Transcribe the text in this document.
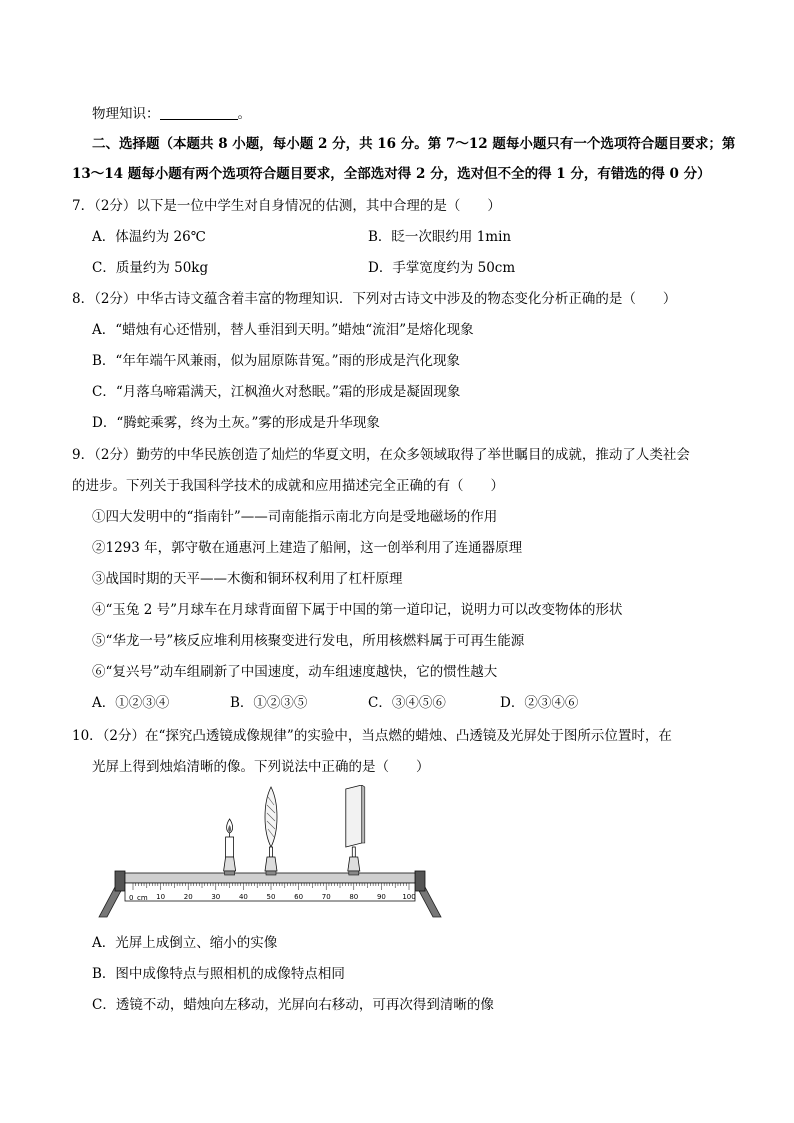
物理知识：	。
二、选择题（本题共 8 小题，每小题 2 分，共 16 分。第 7～12 题每小题只有一个选项符合题目要求；第
13～14 题每小题有两个选项符合题目要求，全部选对得 2 分，选对但不全的得 1 分，有错选的得 0 分）
7．（2分）以下是一位中学生对自身情况的估测，其中合理的是（　　）
A．体温约为 26℃	B．眨一次眼约用 1min
C．质量约为 50kg	D．手掌宽度约为 50cm
8．（2分）中华古诗文蕴含着丰富的物理知识．下列对古诗文中涉及的物态变化分析正确的是（　　）
A．“蜡烛有心还惜别，替人垂泪到天明。”蜡烛“流泪”是熔化现象
B．“年年端午风兼雨，似为屈原陈昔冤。”雨的形成是汽化现象
C．“月落乌啼霜满天，江枫渔火对愁眠。”霜的形成是凝固现象
D．“腾蛇乘雾，终为土灰。”雾的形成是升华现象
9．（2分）勤劳的中华民族创造了灿烂的华夏文明，在众多领域取得了举世瞩目的成就，推动了人类社会
的进步。下列关于我国科学技术的成就和应用描述完全正确的有（　　）
①四大发明中的“指南针”——司南能指示南北方向是受地磁场的作用
②1293 年，郭守敬在通惠河上建造了船闸，这一创举利用了连通器原理
③战国时期的天平——木衡和铜环权利用了杠杆原理
④“玉兔 2 号”月球车在月球背面留下属于中国的第一道印记，说明力可以改变物体的形状
⑤“华龙一号”核反应堆利用核聚变进行发电，所用核燃料属于可再生能源
⑥“复兴号”动车组刷新了中国速度，动车组速度越快，它的惯性越大
A．①②③④	B．①②③⑤	C．③④⑤⑥	D．②③④⑥
10．（2分）在“探究凸透镜成像规律”的实验中，当点燃的蜡烛、凸透镜及光屏处于图所示位置时，在
光屏上得到烛焰清晰的像。下列说法中正确的是（　　）
10	20	30	40	50	60	70	80	90 100
0 cm
A．光屏上成倒立、缩小的实像
B．图中成像特点与照相机的成像特点相同
C．透镜不动，蜡烛向左移动，光屏向右移动，可再次得到清晰的像
